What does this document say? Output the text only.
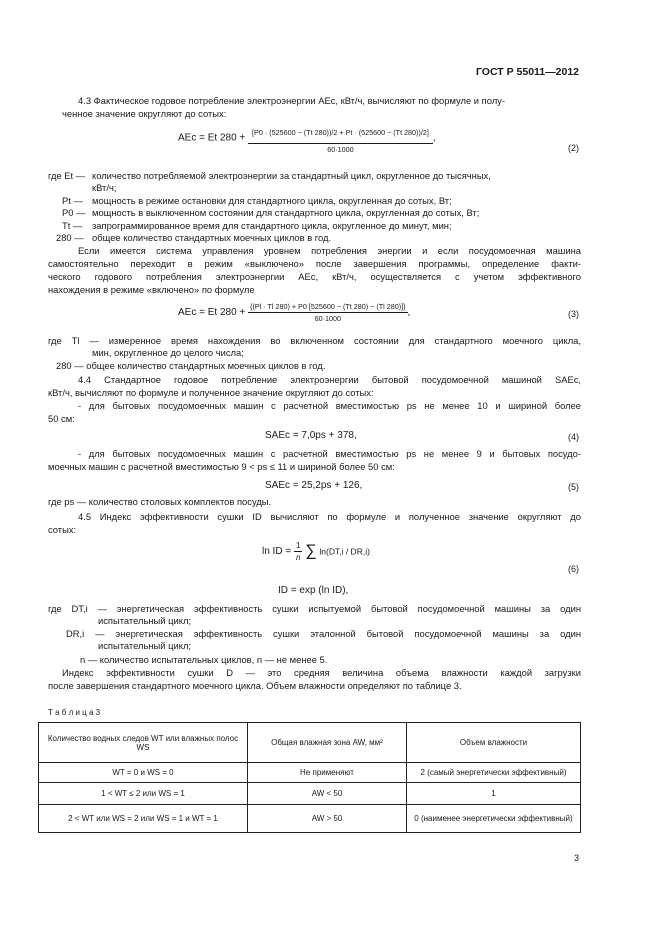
ГОСТ Р 55011—2012
4.3 Фактическое годовое потребление электроэнергии AEc, кВт/ч, вычисляют по формуле и полу-
ченное значение округляют до сотых:
AEc = Et $280 + \frac{[P0 \cdot (525600 - (Tt 280))/2 + Pt \cdot (525600 - (Tt 280))/2]}{60\cdot 1000}$ ,
(2)
где Et — количество потребляемой электроэнергии за стандартный цикл, округленное до тысячных,
кВт/ч;
Pt — мощность в режиме остановки для стандартного цикла, округленная до сотых, Вт;
P0 — мощность в выключенном состоянии для стандартного цикла, округленная до сотых, Вт;
Tt — запрограммированное время для стандартного цикла, округленное до минут, мин;
280 — общее количество стандартных моечных циклов в год.
Если имеется система управления уровнем потребления энергии и если посудомоечная машина
самостоятельно переходит в режим «выключено» после завершения программы, определение факти-
ческого годового потребления электроэнергии AEc, кВт/ч, осуществляется с учетом эффективного
нахождения в режиме «включено» по формуле
AEc = Et $280 + \frac{\{(Pl \cdot Tl 280) + P0 [525600 - (Tt 280) - (Tl 280)]\}}{60\cdot 1000}$ ,	(3)
где Tl — измеренное время нахождения во включенном состоянии для стандартного моечного цикла,
мин, округленное до целого числа;
280 — общее количество стандартных моечных циклов в год.
4.4 Стандартное годовое потребление электроэнергии бытовой посудомоечной машиной SAEc,
кВт/ч, вычисляют по формуле и полученное значение округляют до сотых:
- для бытовых посудомоечных машин с расчетной вместимостью ps не менее 10 и шириной более
50 см:
SAEc = 7,0ps + 378,	(4)
- для бытовых посудомоечных машин с расчетной вместимостью ps не менее 9 и бытовых посудо-
моечных машин с расчетной вместимостью 9 < ps ≤ 11 и шириной более 50 см:
SAEc = 25,2ps + 126,	(5)
где ps — количество столовых комплектов посуды.
4.5 Индекс эффективности сушки ID вычисляют по формуле и полученное значение округляют до
сотых:
ln ID = $\frac{1}{n}$ ∑ ln(DT,i / DR,i)
ID = exp (ln ID),
(6)
где DT,i — энергетическая эффективность сушки испытуемой бытовой посудомоечной машины за один
испытательный цикл;
DR,i — энергетическая эффективность сушки эталонной бытовой посудомоечной машины за один
испытательный цикл;
n — количество испытательных циклов, n — не менее 5.
Индекс эффективности сушки D — это средняя величина объема влажности каждой загрузки
после завершения стандартного моечного цикла. Объем влажности определяют по таблице 3.
Т а б л и ц а 3
Количество водных следов WT или влажных полос WS	Общая влажная зона AW, мм²	Объем влажности
WT = 0 и WS = 0	Не применяют	2 (самый энергетически эффективный)
1 < WT ≤ 2 или WS = 1	AW < 50	1
2 < WT или WS = 2 или WS = 1 и WT = 1	AW > 50	0 (наименее энергетически эффективный)
3
